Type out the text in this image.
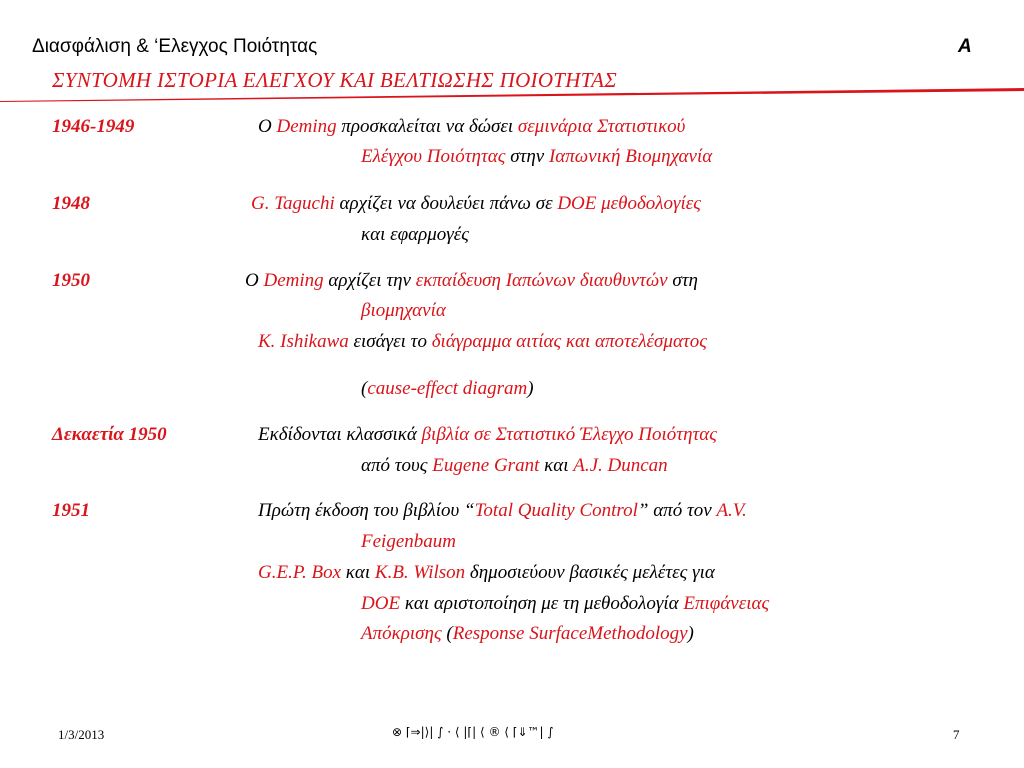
Διασφάλιση & ‘Ελεγχος Ποιότητας	A
ΣΥΝΤΟΜΗ ΙΣΤΟΡΙΑ ΕΛΕΓΧΟΥ ΚΑΙ ΒΕΛΤΙΩΣΗΣ ΠΟΙΟΤΗΤΑΣ
1946-1949	Ο Deming προσκαλείται να δώσει σεμινάρια Στατιστικού
Ελέγχου Ποιότητας στην Ιαπωνική Βιομηχανία
1948	G. Taguchi αρχίζει να δουλεύει πάνω σε DOE μεθοδολογίες
και εφαρμογές
1950	Ο Deming αρχίζει την εκπαίδευση Ιαπώνων διαυθυντών στη
βιομηχανία
K. Ishikawa εισάγει το διάγραμμα αιτίας και αποτελέσματος
(cause-effect diagram)
Δεκαετία 1950	Εκδίδονται κλασσικά βιβλία σε Στατιστικό Έλεγχο Ποιότητας
από τους Eugene Grant και A.J. Duncan
1951	Πρώτη έκδοση του βιβλίου “Total Quality Control” από τον A.V.
Feigenbaum
G.E.P. Box και K.B. Wilson δημοσιεύουν βασικές μελέτες για
DOE και αριστοποίηση με τη μεθοδολογία Επιφάνειας
Απόκρισης (Response SurfaceMethodology)
1/3/2013	⊗ ⌈⇒|⟩| ∫ · ⟨ |⌈| ⟨ ® ⟨ ⌈⇓™| ∫	7
